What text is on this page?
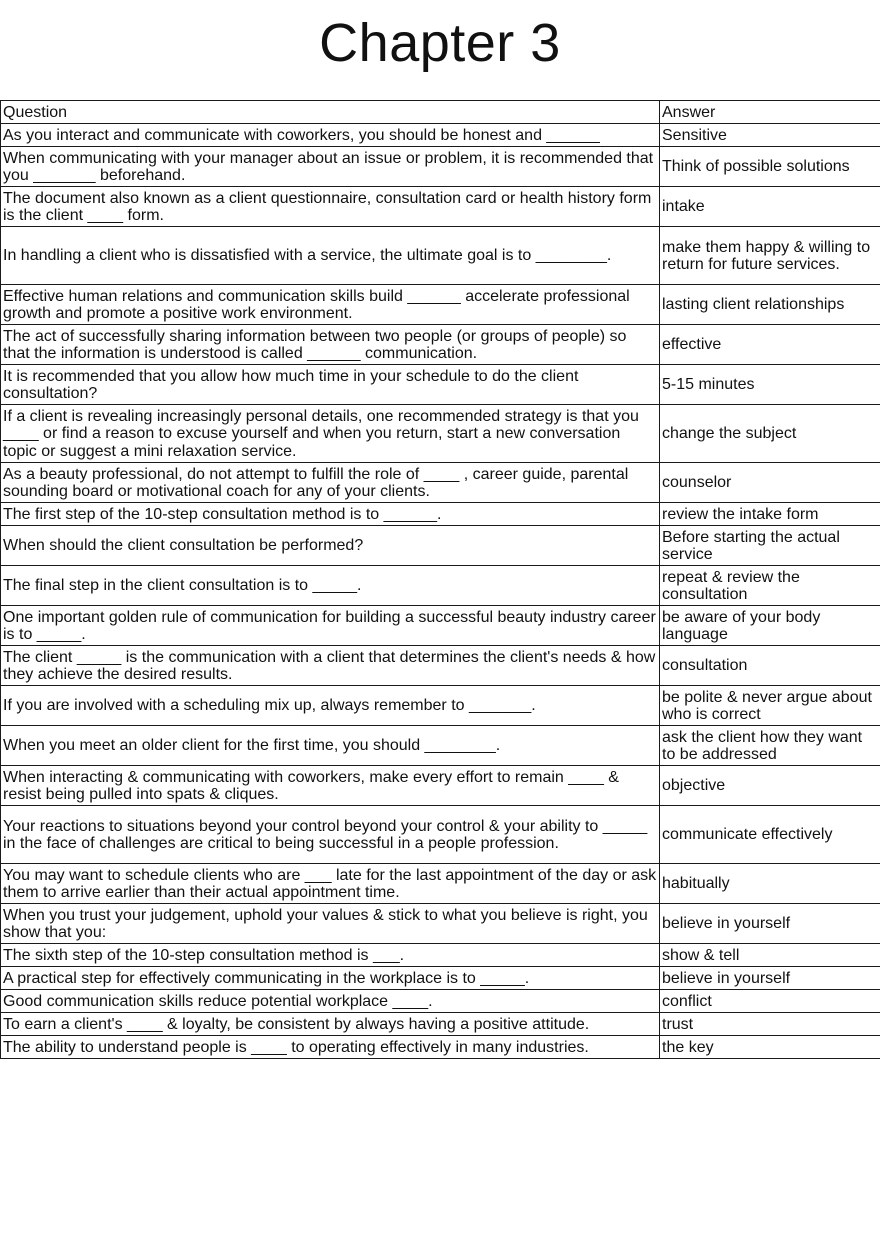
Chapter 3
Question	Answer
As you interact and communicate with coworkers, you should be honest and ______	Sensitive
When communicating with your manager about an issue or problem, it is recommended that you _______ beforehand.	Think of possible solutions
The document also known as a client questionnaire, consultation card or health history form is the client ____ form.	intake
In handling a client who is dissatisfied with a service, the ultimate goal is to ________.	make them happy & willing to return for future services.
Effective human relations and communication skills build ______ accelerate professional growth and promote a positive work environment.	lasting client relationships
The act of successfully sharing information between two people (or groups of people) so that the information is understood is called ______ communication.	effective
It is recommended that you allow how much time in your schedule to do the client consultation?	5-15 minutes
If a client is revealing increasingly personal details, one recommended strategy is that you ____ or find a reason to excuse yourself and when you return, start a new conversation topic or suggest a mini relaxation service.	change the subject
As a beauty professional, do not attempt to fulfill the role of ____ , career guide, parental sounding board or motivational coach for any of your clients.	counselor
The first step of the 10-step consultation method is to ______.	review the intake form
When should the client consultation be performed?	Before starting the actual service
The final step in the client consultation is to _____.	repeat & review the consultation
One important golden rule of communication for building a successful beauty industry career is to _____.	be aware of your body language
The client _____ is the communication with a client that determines the client's needs & how they achieve the desired results.	consultation
If you are involved with a scheduling mix up, always remember to _______.	be polite & never argue about who is correct
When you meet an older client for the first time, you should ________.	ask the client how they want to be addressed
When interacting & communicating with coworkers, make every effort to remain ____ & resist being pulled into spats & cliques.	objective
Your reactions to situations beyond your control beyond your control & your ability to _____ in the face of challenges are critical to being successful in a people profession.	communicate effectively
You may want to schedule clients who are ___ late for the last appointment of the day or ask them to arrive earlier than their actual appointment time.	habitually
When you trust your judgement, uphold your values & stick to what you believe is right, you show that you:	believe in yourself
The sixth step of the 10-step consultation method is ___.	show & tell
A practical step for effectively communicating in the workplace is to _____.	believe in yourself
Good communication skills reduce potential workplace ____.	conflict
To earn a client's ____ & loyalty, be consistent by always having a positive attitude.	trust
The ability to understand people is ____ to operating effectively in many industries.	the key
